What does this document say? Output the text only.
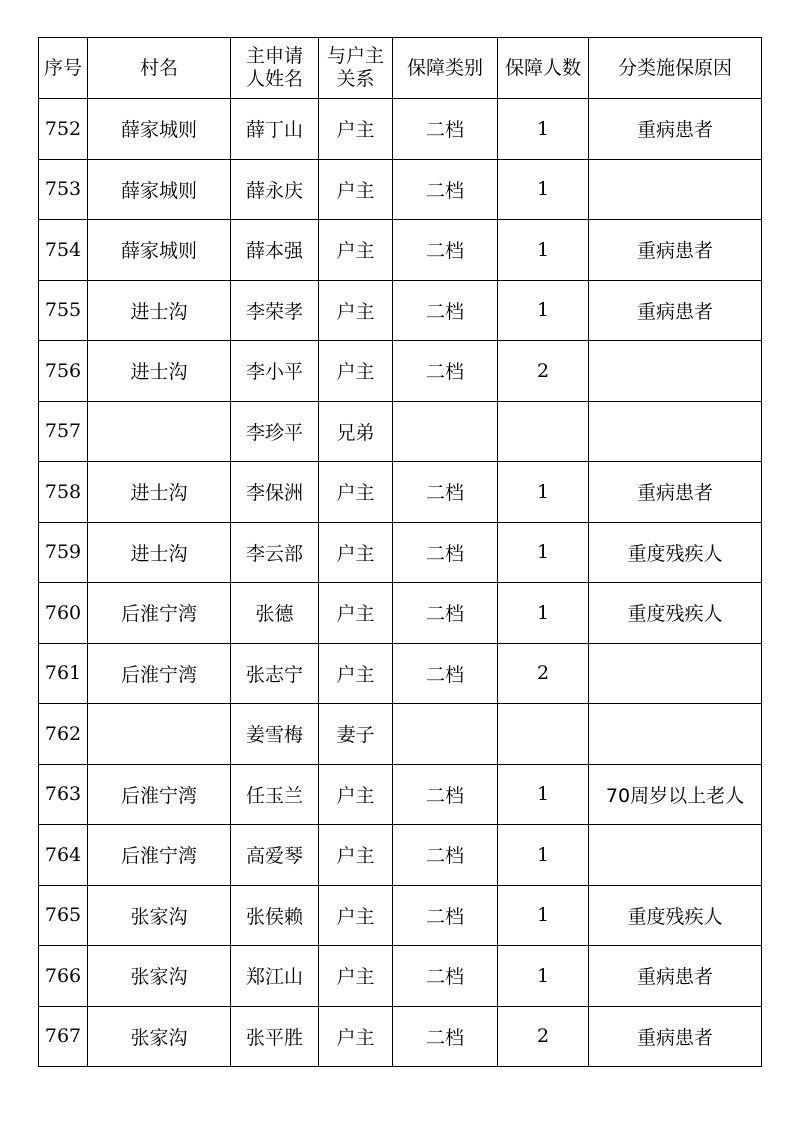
序号	村名	主申请人姓名	与户主关系	保障类别	保障人数	分类施保原因

752	薛家城则	薛丁山	户主	二档	1	重病患者
753	薛家城则	薛永庆	户主	二档	1	
754	薛家城则	薛本强	户主	二档	1	重病患者
755	进士沟	李荣孝	户主	二档	1	重病患者
756	进士沟	李小平	户主	二档	2	
757		李珍平	兄弟			
758	进士沟	李保洲	户主	二档	1	重病患者
759	进士沟	李云部	户主	二档	1	重度残疾人
760	后淮宁湾	张德	户主	二档	1	重度残疾人
761	后淮宁湾	张志宁	户主	二档	2	
762		姜雪梅	妻子			
763	后淮宁湾	任玉兰	户主	二档	1	70周岁以上老人
764	后淮宁湾	高爱琴	户主	二档	1	
765	张家沟	张侯赖	户主	二档	1	重度残疾人
766	张家沟	郑江山	户主	二档	1	重病患者
767	张家沟	张平胜	户主	二档	2	重病患者
